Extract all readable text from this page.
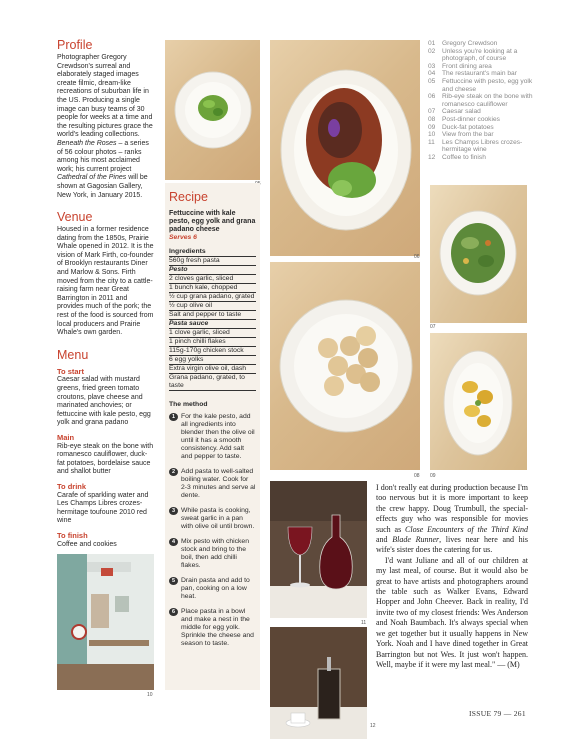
Profile

Photographer Gregory Crewdson's surreal and elaborately staged images create filmic, dream-like recreations of suburban life in the US. Producing a single image can busy teams of 30 people for weeks at a time and the resulting pictures grace the world's leading collections. Beneath the Roses – a series of 56 colour photos – ranks among his most acclaimed work; his current project Cathedral of the Pines will be shown at Gagosian Gallery, New York, in January 2015.

Venue

Housed in a former residence dating from the 1850s, Prairie Whale opened in 2012. It is the vision of Mark Firth, co-founder of Brooklyn restaurants Diner and Marlow & Sons. Firth moved from the city to a cattle-raising farm near Great Barrington in 2011 and provides much of the pork; the rest of the food is sourced from local producers and Prairie Whale's own garden.

Menu
To start

Caesar salad with mustard greens, fried green tomato croutons, plave cheese and marinated anchovies; or fettuccine with kale pesto, egg yolk and grana padano

Main

Rib-eye steak on the bone with romanesco cauliflower, duck-fat potatoes, bordelaise sauce and shallot butter

To drink

Carafe of sparkling water and Les Champs Libres crozes-hermitage toufoune 2010 red wine

To finish

Coffee and cookies

06
07
08 09
Recipe
Fettuccine with kale pesto, egg yolk and grana padano cheese
Serves 6
Ingredients
560g fresh pasta
Pesto
2 cloves garlic, sliced
1 bunch kale, chopped
½ cup grana padano, grated
½ cup olive oil
Salt and pepper to taste
Pasta sauce
1 clove garlic, sliced
1 pinch chilli flakes
115g-170g chicken stock
6 egg yolks
Extra virgin olive oil, dash
Grana padano, grated, to taste
The method
1 For the kale pesto, add all ingredients into blender then the olive oil until it has a smooth consistency. Add salt and pepper to taste.
2 Add pasta to well-salted boiling water. Cook for 2-3 minutes and serve al dente.
3 While pasta is cooking, sweat garlic in a pan with olive oil until brown.
4 Mix pesto with chicken stock and bring to the boil, then add chilli flakes.
5 Drain pasta and add to pan, cooking on a low heat.
6 Place pasta in a bowl and make a nest in the middle for egg yolk. Sprinkle the cheese and season to taste.
10
11
12
01	Gregory Crewdson
02	Unless you're looking at a photograph, of course
03	Front dining area
04	The restaurant's main bar
05	Fettuccine with pesto, egg yolk and cheese
06	Rib-eye steak on the bone with romanesco cauliflower
07	Caesar salad
08	Post-dinner cookies
09	Duck-fat potatoes
10	View from the bar
11	Les Champs Libres crozes-hermitage wine
12	Coffee to finish

I don't really eat during production because I'm too nervous but it is more important to keep the crew happy. Doug Trumbull, the special-effects guy who was responsible for movies such as Close Encounters of the Third Kind and Blade Runner, lives near here and his wife's sister does the catering for us.

I'd want Juliane and all of our children at my last meal, of course. But it would also be great to have artists and photographers around the table such as Walker Evans, Edward Hopper and John Cheever. Back in reality, I'd invite two of my closest friends: Wes Anderson and Noah Baumbach. It's always special when we get together but it usually happens in New York. Noah and I have dined together in Great Barrington but not Wes. It just won't happen. Well, maybe if it were my last meal." — (M)

ISSUE 79 — 261
